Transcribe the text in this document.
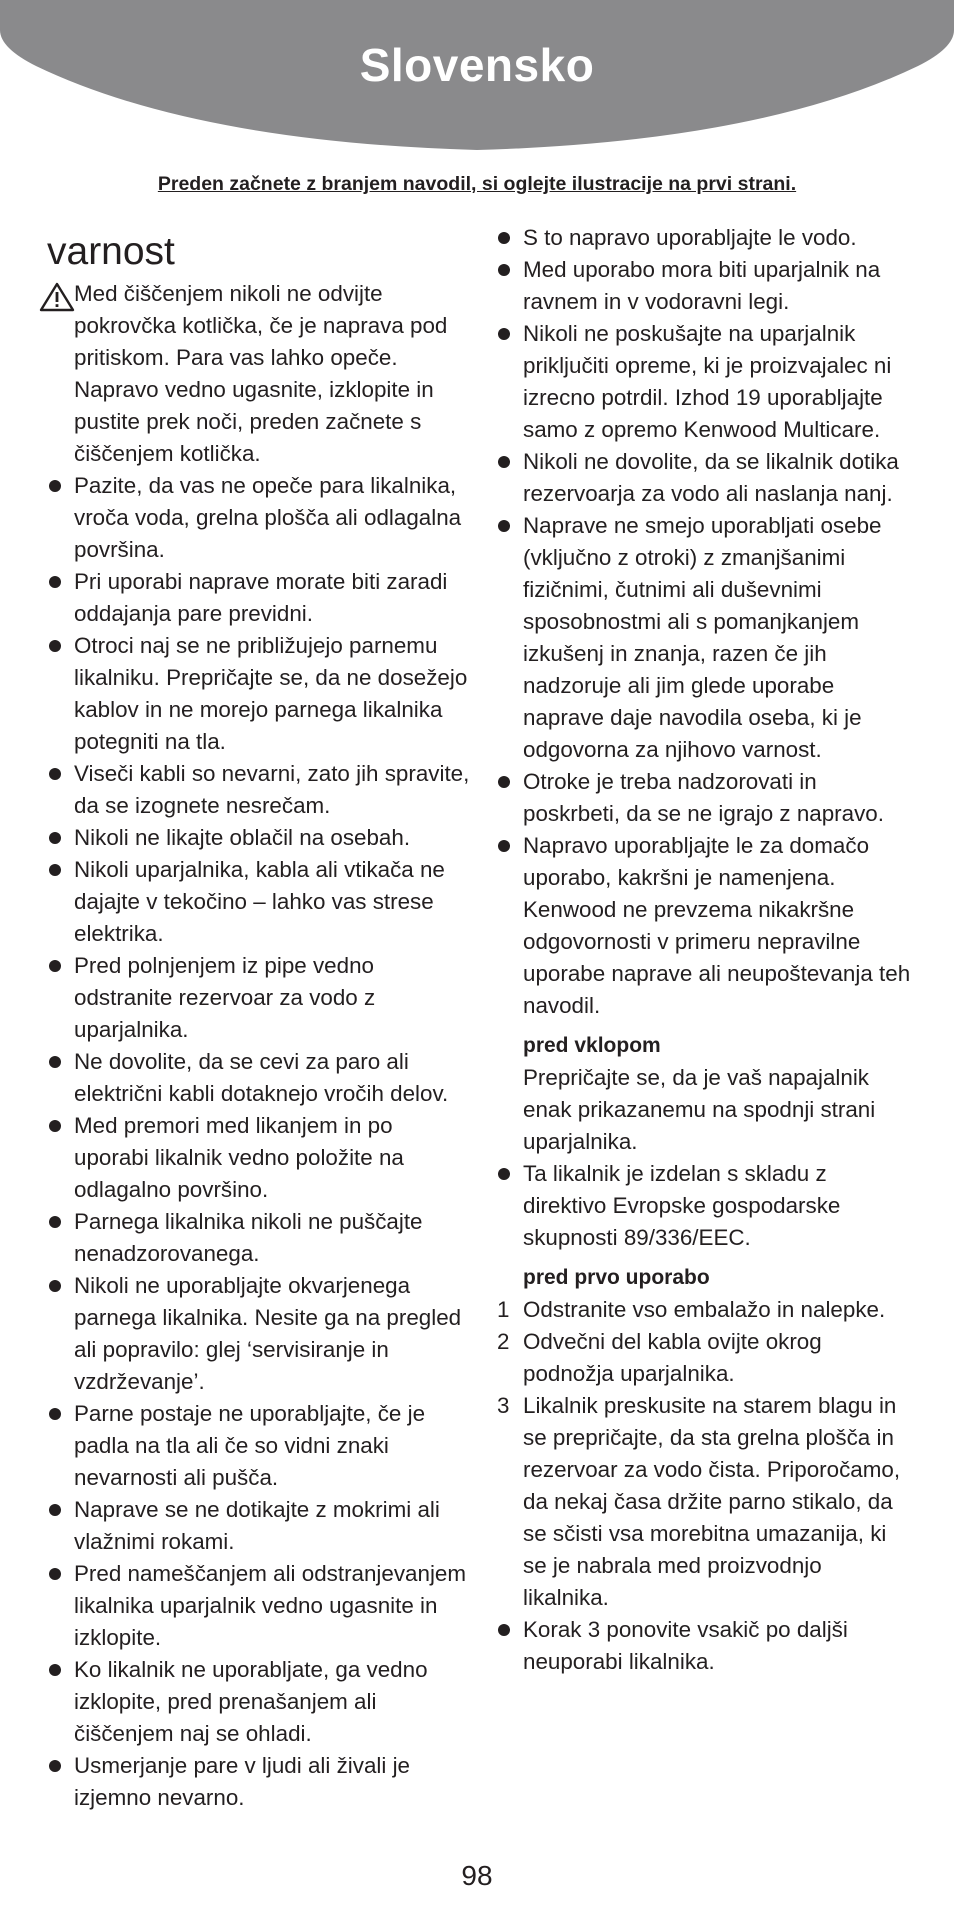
Slovensko
Preden začnete z branjem navodil, si oglejte ilustracije na prvi strani.
varnost
Med čiščenjem nikoli ne odvijte pokrovčka kotlička, če je naprava pod pritiskom. Para vas lahko opeče. Napravo vedno ugasnite, izklopite in pustite prek noči, preden začnete s čiščenjem kotlička.
Pazite, da vas ne opeče para likalnika, vroča voda, grelna plošča ali odlagalna površina.
Pri uporabi naprave morate biti zaradi oddajanja pare previdni.
Otroci naj se ne približujejo parnemu likalniku. Prepričajte se, da ne dosežejo kablov in ne morejo parnega likalnika potegniti na tla.
Viseči kabli so nevarni, zato jih spravite, da se izognete nesrečam.
Nikoli ne likajte oblačil na osebah.
Nikoli uparjalnika, kabla ali vtikača ne dajajte v tekočino – lahko vas strese elektrika.
Pred polnjenjem iz pipe vedno odstranite rezervoar za vodo z uparjalnika.
Ne dovolite, da se cevi za paro ali električni kabli dotaknejo vročih delov.
Med premori med likanjem in po uporabi likalnik vedno položite na odlagalno površino.
Parnega likalnika nikoli ne puščajte nenadzorovanega.
Nikoli ne uporabljajte okvarjenega parnega likalnika. Nesite ga na pregled ali popravilo: glej ‘servisiranje in vzdrževanje’.
Parne postaje ne uporabljajte, če je padla na tla ali če so vidni znaki nevarnosti ali pušča.
Naprave se ne dotikajte z mokrimi ali vlažnimi rokami.
Pred nameščanjem ali odstranjevanjem likalnika uparjalnik vedno ugasnite in izklopite.
Ko likalnik ne uporabljate, ga vedno izklopite, pred prenašanjem ali čiščenjem naj se ohladi.
Usmerjanje pare v ljudi ali živali je izjemno nevarno.
S to napravo uporabljajte le vodo.
Med uporabo mora biti uparjalnik na ravnem in v vodoravni legi.
Nikoli ne poskušajte na uparjalnik priključiti opreme, ki je proizvajalec ni izrecno potrdil. Izhod 19 uporabljajte samo z opremo Kenwood Multicare.
Nikoli ne dovolite, da se likalnik dotika rezervoarja za vodo ali naslanja nanj.
Naprave ne smejo uporabljati osebe (vključno z otroki) z zmanjšanimi fizičnimi, čutnimi ali duševnimi sposobnostmi ali s pomanjkanjem izkušenj in znanja, razen če jih nadzoruje ali jim glede uporabe naprave daje navodila oseba, ki je odgovorna za njihovo varnost.
Otroke je treba nadzorovati in poskrbeti, da se ne igrajo z napravo.
Napravo uporabljajte le za domačo uporabo, kakršni je namenjena. Kenwood ne prevzema nikakršne odgovornosti v primeru nepravilne uporabe naprave ali neupoštevanja teh navodil.
pred vklopom
Prepričajte se, da je vaš napajalnik enak prikazanemu na spodnji strani uparjalnika.
Ta likalnik je izdelan s skladu z direktivo Evropske gospodarske skupnosti 89/336/EEC.
pred prvo uporabo
1 Odstranite vso embalažo in nalepke.
2 Odvečni del kabla ovijte okrog podnožja uparjalnika.
3 Likalnik preskusite na starem blagu in se prepričajte, da sta grelna plošča in rezervoar za vodo čista. Priporočamo, da nekaj časa držite parno stikalo, da se sčisti vsa morebitna umazanija, ki se je nabrala med proizvodnjo likalnika.
Korak 3 ponovite vsakič po daljši neuporabi likalnika.
98
